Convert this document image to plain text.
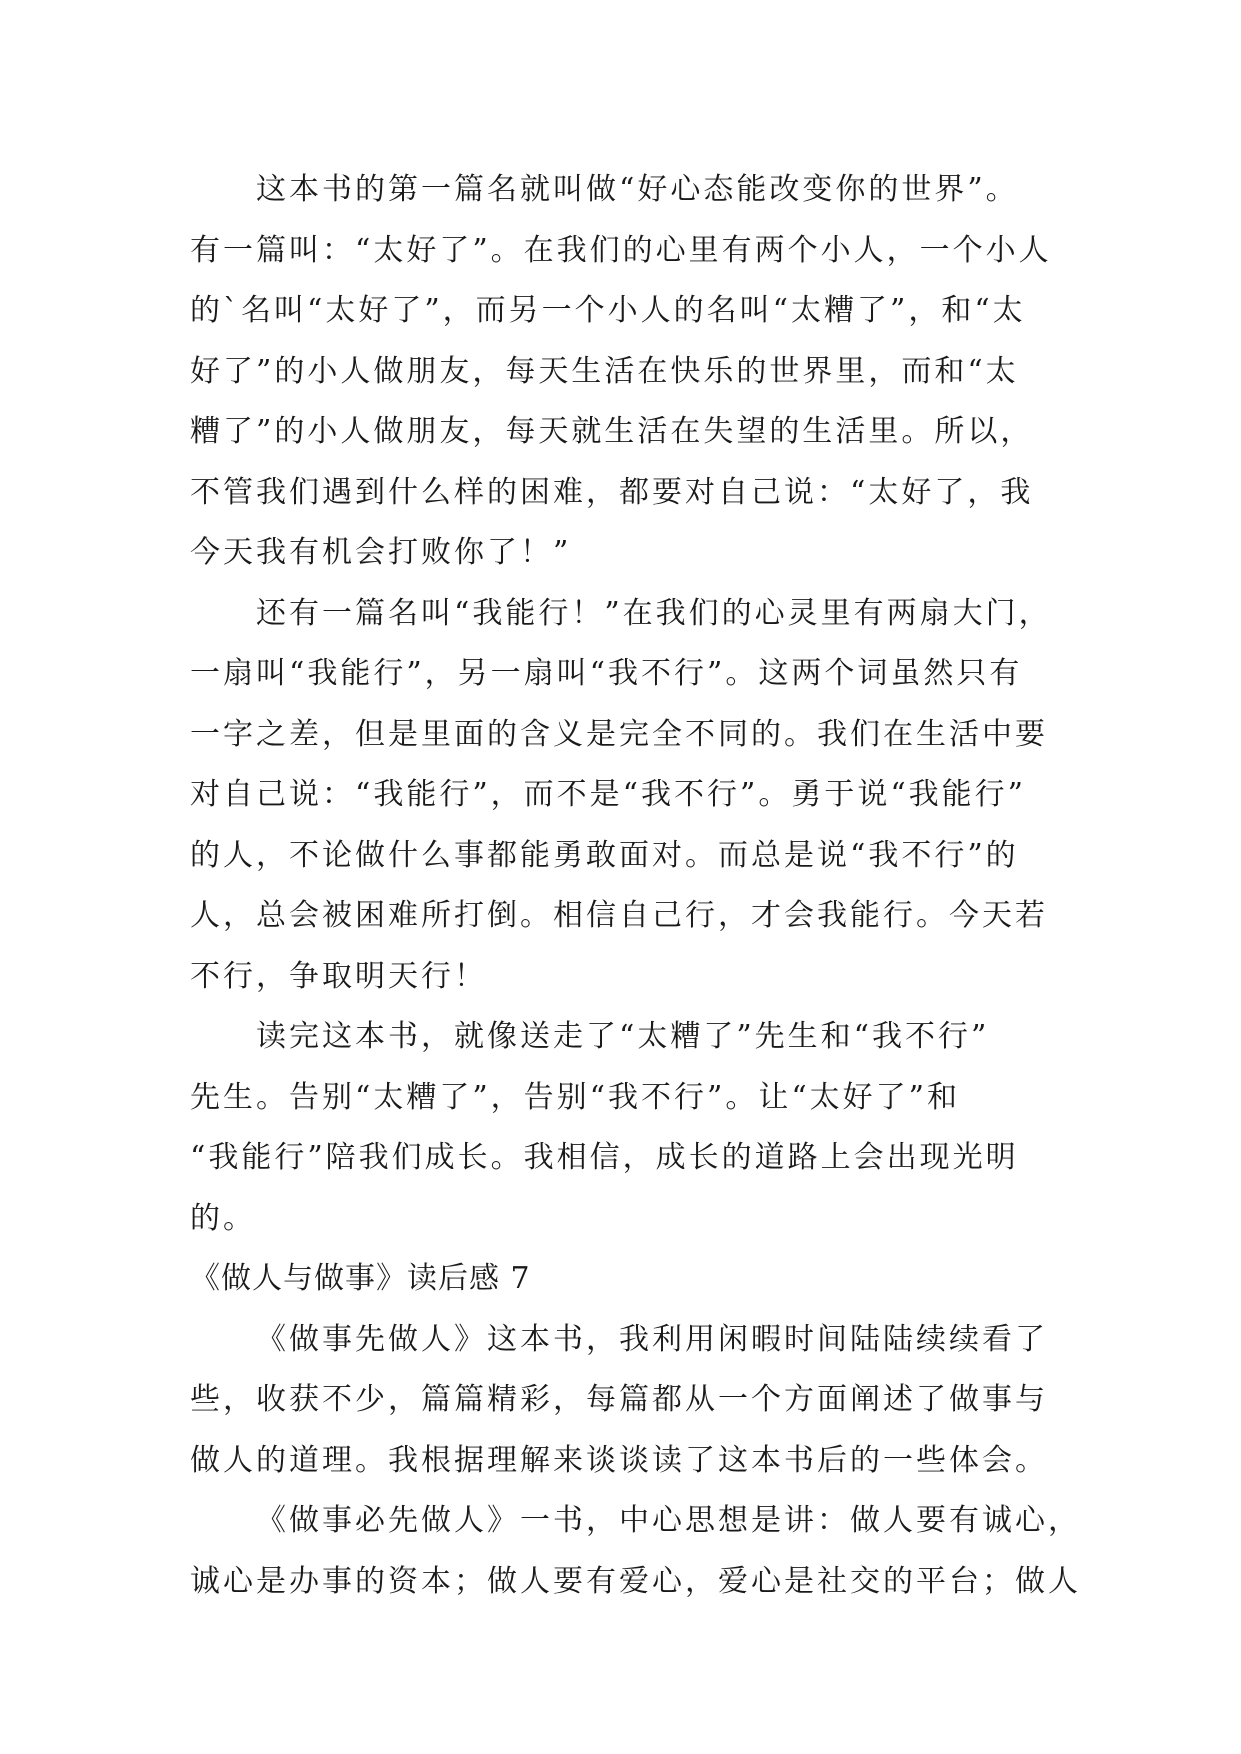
这本书的第一篇名就叫做“好心态能改变你的世界”。
有一篇叫：“太好了”。在我们的心里有两个小人，一个小人
的`名叫“太好了”，而另一个小人的名叫“太糟了”，和“太
好了”的小人做朋友，每天生活在快乐的世界里，而和“太
糟了”的小人做朋友，每天就生活在失望的生活里。所以，
不管我们遇到什么样的困难，都要对自己说：“太好了，我
今天我有机会打败你了！”
还有一篇名叫“我能行！”在我们的心灵里有两扇大门，
一扇叫“我能行”，另一扇叫“我不行”。这两个词虽然只有
一字之差，但是里面的含义是完全不同的。我们在生活中要
对自己说：“我能行”，而不是“我不行”。勇于说“我能行”
的人，不论做什么事都能勇敢面对。而总是说“我不行”的
人，总会被困难所打倒。相信自己行，才会我能行。今天若
不行，争取明天行！
读完这本书，就像送走了“太糟了”先生和“我不行”
先生。告别“太糟了”，告别“我不行”。让“太好了”和
“我能行”陪我们成长。我相信，成长的道路上会出现光明
的。
《做人与做事》读后感 7
《做事先做人》这本书，我利用闲暇时间陆陆续续看了
些，收获不少，篇篇精彩，每篇都从一个方面阐述了做事与
做人的道理。我根据理解来谈谈读了这本书后的一些体会。
《做事必先做人》一书，中心思想是讲：做人要有诚心，
诚心是办事的资本；做人要有爱心，爱心是社交的平台；做人
